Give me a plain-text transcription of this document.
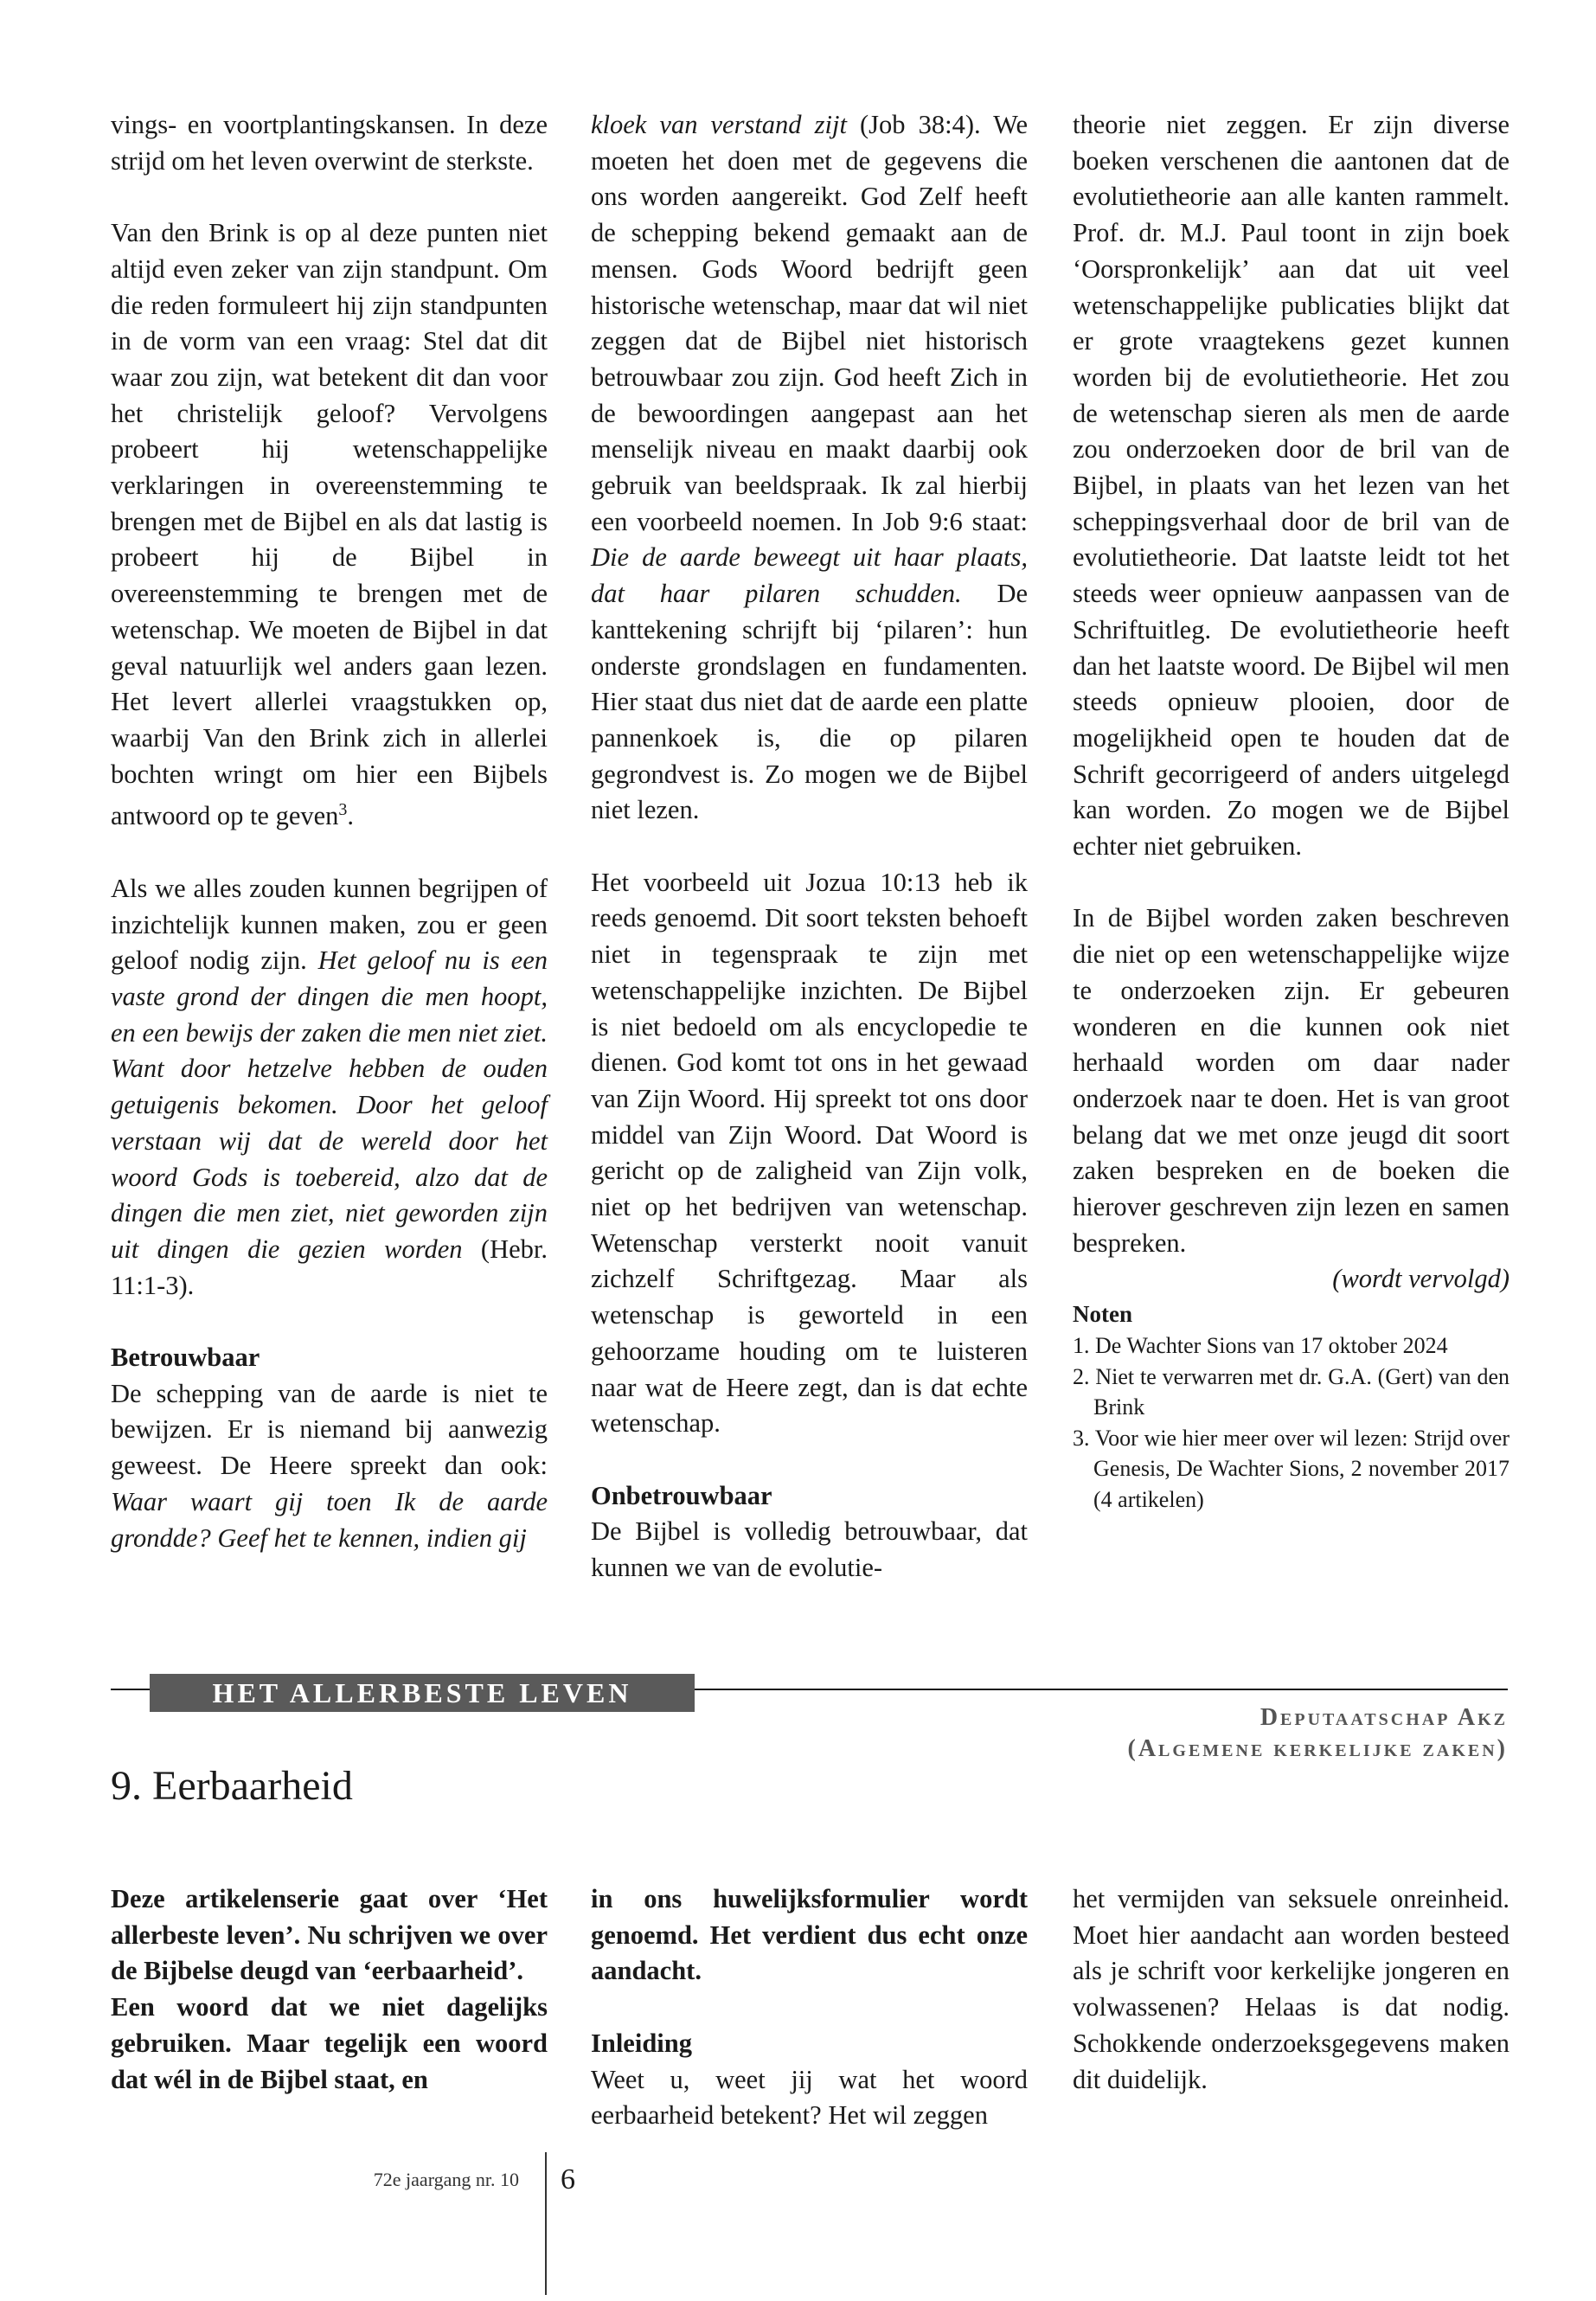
vings- en voortplantingskansen. In deze strijd om het leven overwint de sterkste.

Van den Brink is op al deze punten niet altijd even zeker van zijn standpunt. Om die reden formuleert hij zijn standpunten in de vorm van een vraag: Stel dat dit waar zou zijn, wat betekent dit dan voor het christelijk geloof? Vervolgens probeert hij wetenschappelijke verklaringen in overeenstemming te brengen met de Bijbel en als dat lastig is probeert hij de Bijbel in overeenstemming te brengen met de wetenschap. We moeten de Bijbel in dat geval natuurlijk wel anders gaan lezen. Het levert allerlei vraagstukken op, waarbij Van den Brink zich in allerlei bochten wringt om hier een Bijbels antwoord op te geven$^3$.

Als we alles zouden kunnen begrijpen of inzichtelijk kunnen maken, zou er geen geloof nodig zijn. Het geloof nu is een vaste grond der dingen die men hoopt, en een bewijs der zaken die men niet ziet. Want door hetzelve hebben de ouden getuigenis bekomen. Door het geloof verstaan wij dat de wereld door het woord Gods is toebereid, alzo dat de dingen die men ziet, niet geworden zijn uit dingen die gezien worden (Hebr. 11:1-3).

Betrouwbaar

De schepping van de aarde is niet te bewijzen. Er is niemand bij aanwezig geweest. De Heere spreekt dan ook: Waar waart gij toen Ik de aarde grondde? Geef het te kennen, indien gij

kloek van verstand zijt (Job 38:4). We moeten het doen met de gegevens die ons worden aangereikt. God Zelf heeft de schepping bekend gemaakt aan de mensen. Gods Woord bedrijft geen historische wetenschap, maar dat wil niet zeggen dat de Bijbel niet historisch betrouwbaar zou zijn. God heeft Zich in de bewoordingen aangepast aan het menselijk niveau en maakt daarbij ook gebruik van beeldspraak. Ik zal hierbij een voorbeeld noemen. In Job 9:6 staat: Die de aarde beweegt uit haar plaats, dat haar pilaren schudden. De kanttekening schrijft bij ‘pilaren’: hun onderste grondslagen en fundamenten. Hier staat dus niet dat de aarde een platte pannenkoek is, die op pilaren gegrondvest is. Zo mogen we de Bijbel niet lezen.

Het voorbeeld uit Jozua 10:13 heb ik reeds genoemd. Dit soort teksten behoeft niet in tegenspraak te zijn met wetenschappelijke inzichten. De Bijbel is niet bedoeld om als encyclopedie te dienen. God komt tot ons in het gewaad van Zijn Woord. Hij spreekt tot ons door middel van Zijn Woord. Dat Woord is gericht op de zaligheid van Zijn volk, niet op het bedrijven van wetenschap. Wetenschap versterkt nooit vanuit zichzelf Schriftgezag. Maar als wetenschap is geworteld in een gehoorzame houding om te luisteren naar wat de Heere zegt, dan is dat echte wetenschap.

Onbetrouwbaar

De Bijbel is volledig betrouwbaar, dat kunnen we van de evolutie-

theorie niet zeggen. Er zijn diverse boeken verschenen die aantonen dat de evolutietheorie aan alle kanten rammelt. Prof. dr. M.J. Paul toont in zijn boek ‘Oorspronkelijk’ aan dat uit veel wetenschappelijke publicaties blijkt dat er grote vraagtekens gezet kunnen worden bij de evolutietheorie. Het zou de wetenschap sieren als men de aarde zou onderzoeken door de bril van de Bijbel, in plaats van het lezen van het scheppingsverhaal door de bril van de evolutietheorie. Dat laatste leidt tot het steeds weer opnieuw aanpassen van de Schriftuitleg. De evolutietheorie heeft dan het laatste woord. De Bijbel wil men steeds opnieuw plooien, door de mogelijkheid open te houden dat de Schrift gecorrigeerd of anders uitgelegd kan worden. Zo mogen we de Bijbel echter niet gebruiken.

In de Bijbel worden zaken beschreven die niet op een wetenschappelijke wijze te onderzoeken zijn. Er gebeuren wonderen en die kunnen ook niet herhaald worden om daar nader onderzoek naar te doen. Het is van groot belang dat we met onze jeugd dit soort zaken bespreken en de boeken die hierover geschreven zijn lezen en samen bespreken.

(wordt vervolgd)

Noten

1. De Wachter Sions van 17 oktober 2024
2. Niet te verwarren met dr. G.A. (Gert) van den Brink
3. Voor wie hier meer over wil lezen: Strijd over Genesis, De Wachter Sions, 2 november 2017 (4 artikelen)
HET ALLERBESTE LEVEN
Deputaatschap Akz
(Algemene kerkelijke zaken)
9. Eerbaarheid

Deze artikelenserie gaat over ‘Het allerbeste leven’. Nu schrijven we over de Bijbelse deugd van ‘eerbaarheid’.

Een woord dat we niet dagelijks gebruiken. Maar tegelijk een woord dat wél in de Bijbel staat, en

in ons huwelijksformulier wordt genoemd. Het verdient dus echt onze aandacht.

Inleiding

Weet u, weet jij wat het woord eerbaarheid betekent? Het wil zeggen

het vermijden van seksuele onreinheid. Moet hier aandacht aan worden besteed als je schrift voor kerkelijke jongeren en volwassenen? Helaas is dat nodig. Schokkende onderzoeksgegevens maken dit duidelijk.

72e jaargang nr. 10 6
